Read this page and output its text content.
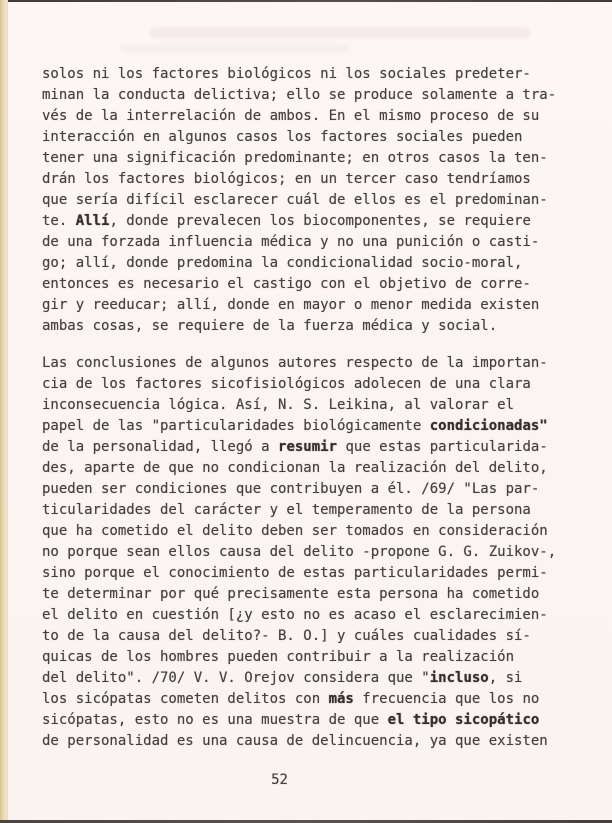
solos ni los factores biológicos ni los sociales predeter-
minan la conducta delictiva; ello se produce solamente a tra-
vés de la interrelación de ambos. En el mismo proceso de su
interacción en algunos casos los factores sociales pueden
tener una significación predominante; en otros casos la ten-
drán los factores biológicos; en un tercer caso tendríamos
que sería difícil esclarecer cuál de ellos es el predominan-
te. Allí, donde prevalecen los biocomponentes, se requiere
de una forzada influencia médica y no una punición o casti-
go; allí, donde predomina la condicionalidad socio-moral,
entonces es necesario el castigo con el objetivo de corre-
gir y reeducar; allí, donde en mayor o menor medida existen
ambas cosas, se requiere de la fuerza médica y social.
Las conclusiones de algunos autores respecto de la importan-
cia de los factores sicofisiológicos adolecen de una clara
inconsecuencia lógica. Así, N. S. Leikina, al valorar el
papel de las "particularidades biológicamente condicionadas"
de la personalidad, llegó a resumir que estas particularida-
des, aparte de que no condicionan la realización del delito,
pueden ser condiciones que contribuyen a él. /69/ "Las par-
ticularidades del carácter y el temperamento de la persona
que ha cometido el delito deben ser tomados en consideración
no porque sean ellos causa del delito -propone G. G. Zuikov-,
sino porque el conocimiento de estas particularidades permi-
te determinar por qué precisamente esta persona ha cometido
el delito en cuestión [¿y esto no es acaso el esclarecimien-
to de la causa del delito?- B. O.] y cuáles cualidades sí-
quicas de los hombres pueden contribuir a la realización
del delito". /70/ V. V. Orejov considera que "incluso, si
los sicópatas cometen delitos con más frecuencia que los no
sicópatas, esto no es una muestra de que el tipo sicopático
de personalidad es una causa de delincuencia, ya que existen
52
